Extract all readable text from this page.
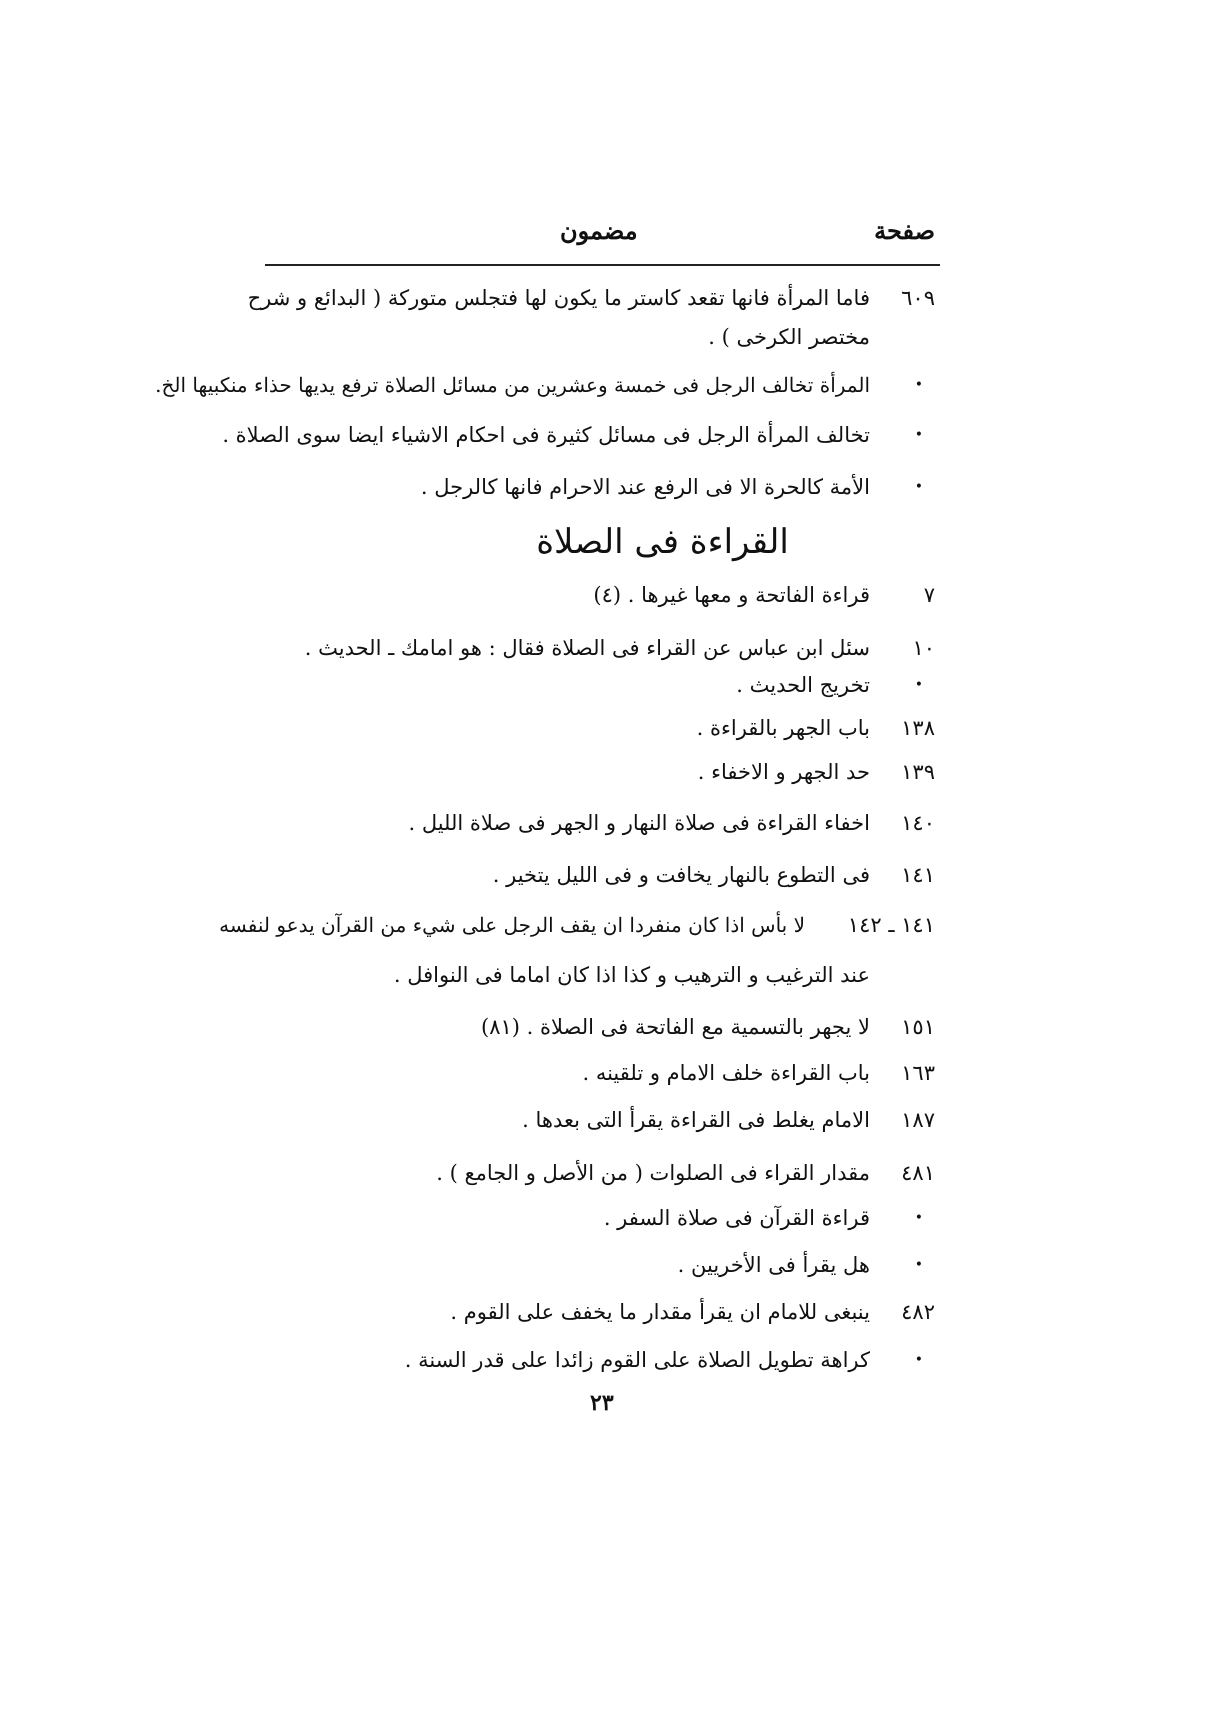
صفحة
مضمون
٦٠٩
فاما المرأة فانها تقعد كاستر ما يكون لها فتجلس متوركة ( البدائع و شرح
مختصر الكرخى ) .
•
المرأة تخالف الرجل فى خمسة وعشرين من مسائل الصلاة ترفع يديها حذاء منكبيها الخ.
•
تخالف المرأة الرجل فى مسائل كثيرة فى احكام الاشياء ايضا سوى الصلاة .
•
الأمة كالحرة الا فى الرفع عند الاحرام فانها كالرجل .
القراءة فى الصلاة
٧
قراءة الفاتحة و معها غيرها . (٤)
١٠
سئل ابن عباس عن القراء فى الصلاة فقال : هو امامك ـ الحديث .
•
تخريج الحديث .
١٣٨
باب الجهر بالقراءة .
١٣٩
حد الجهر و الاخفاء .
١٤٠
اخفاء القراءة فى صلاة النهار و الجهر فى صلاة الليل .
١٤١
فى التطوع بالنهار يخافت و فى الليل يتخير .
١٤١ ـ ١٤٢
لا بأس اذا كان منفردا ان يقف الرجل على شيء من القرآن يدعو لنفسه
عند الترغيب و الترهيب و كذا اذا كان اماما فى النوافل .
١٥١
لا يجهر بالتسمية مع الفاتحة فى الصلاة . (٨١)
١٦٣
باب القراءة خلف الامام و تلقينه .
١٨٧
الامام يغلط فى القراءة يقرأ التى بعدها .
٤٨١
مقدار القراء فى الصلوات ( من الأصل و الجامع ) .
•
قراءة القرآن فى صلاة السفر .
•
هل يقرأ فى الأخريين .
٤٨٢
ينبغى للامام ان يقرأ مقدار ما يخفف على القوم .
•
كراهة تطويل الصلاة على القوم زائدا على قدر السنة .
٢٣
